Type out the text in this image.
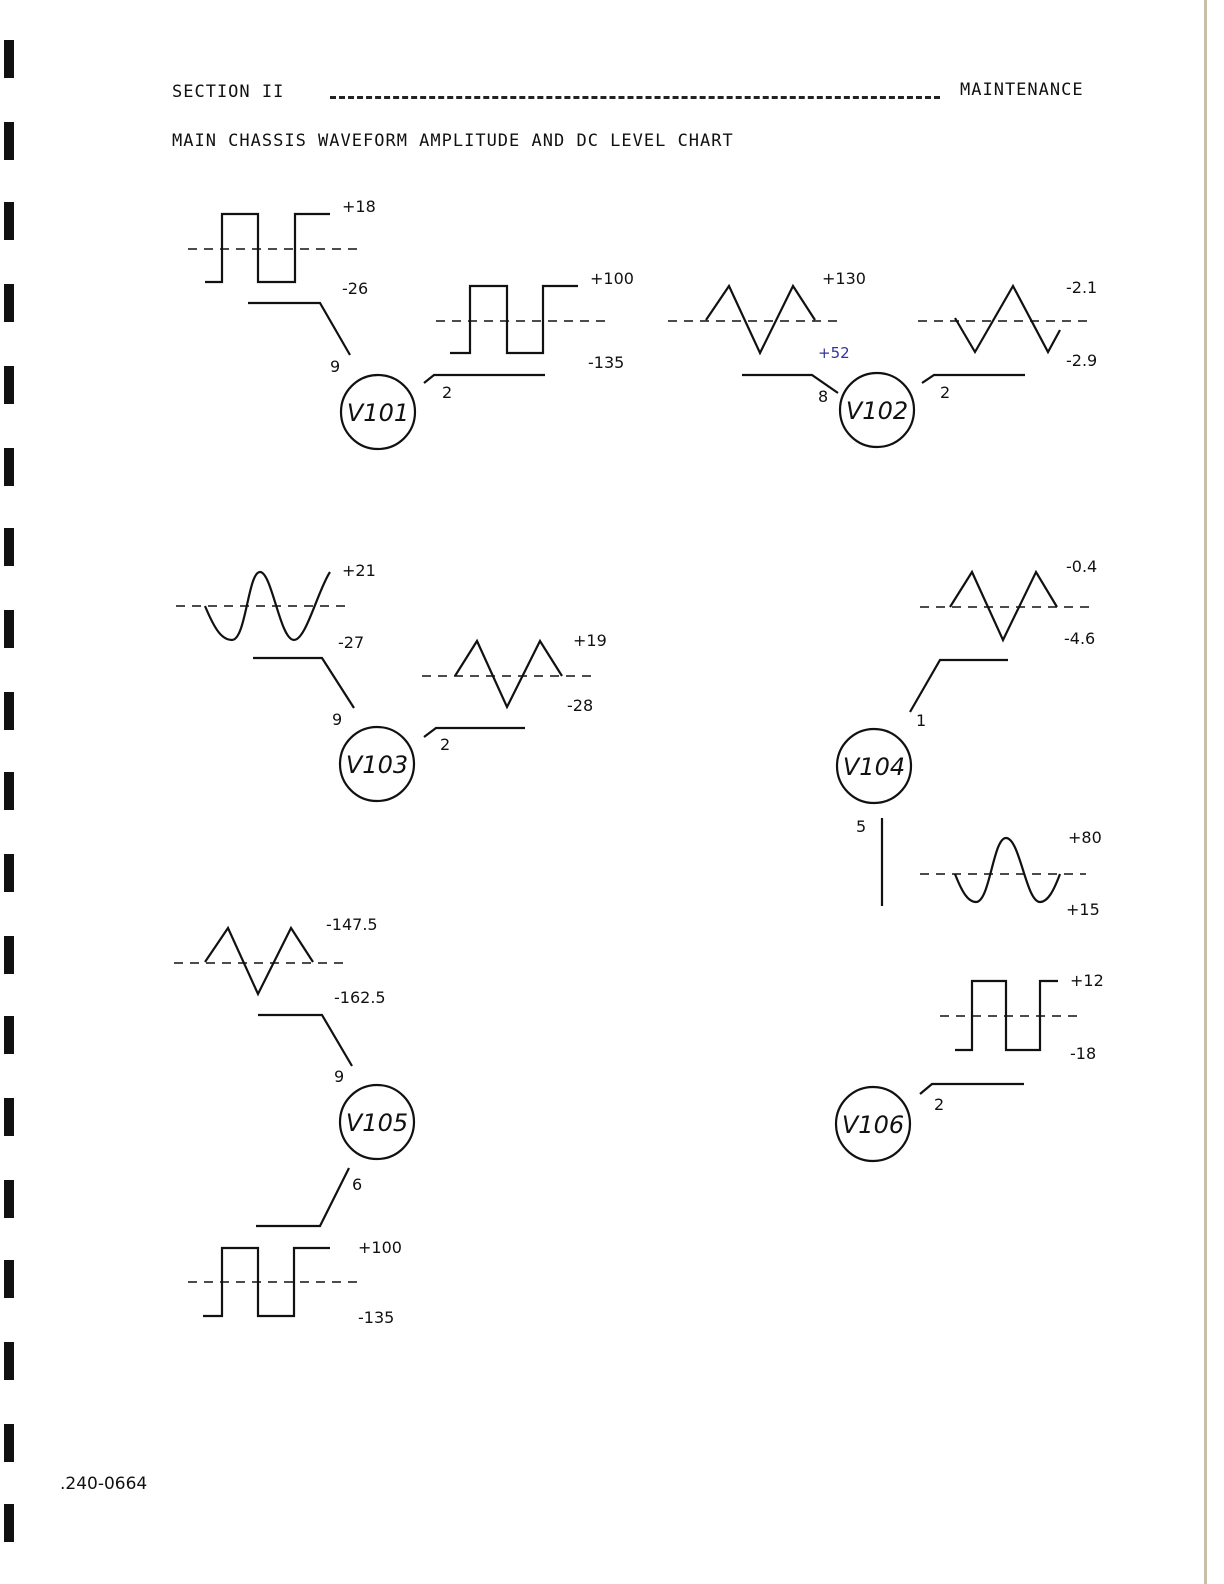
SECTION II	MAINTENANCE
MAIN CHASSIS WAVEFORM AMPLITUDE AND DC LEVEL CHART
V101
9
2
+18
-26
+100
-135
V102
8	2
+130
+52
-2.1
-2.9
V103
9
2
+21
-27	+19
-28
V104
1
5
-0.4
-4.6
+80
+15
V105
9
6
-147.5
-162.5
+100
-135
V106
2
+12
-18
.240-0664
